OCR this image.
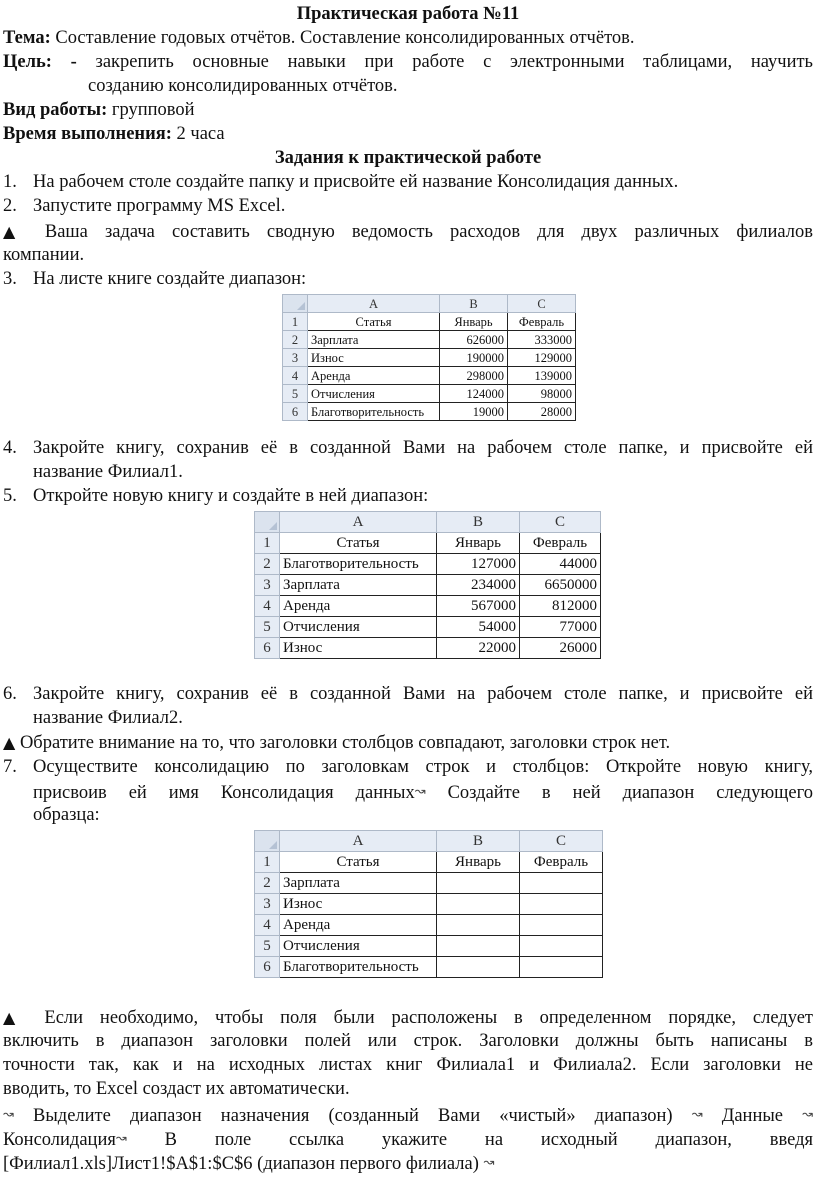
Практическая работа №11
Тема: Составление годовых отчётов. Составление консолидированных отчётов.
Цель: - закрепить основные навыки при работе с электронными таблицами, научить
созданию консолидированных отчётов.
Вид работы: групповой
Время выполнения: 2 часа
Задания к практической работе
1. На рабочем столе создайте папку и присвойте ей название Консолидация данных.
2. Запустите программу MS Excel.
▲ Ваша задача составить сводную ведомость расходов для двух различных филиалов
компании.
3. На листе книге создайте диапазон:
	A	B	C
1	Статья	Январь	Февраль
2	Зарплата	626000	333000
3	Износ	190000	129000
4	Аренда	298000	139000
5	Отчисления	124000	98000
6	Благотворительность	19000	28000
4. Закройте книгу, сохранив её в созданной Вами на рабочем столе папке, и присвойте ей
название Филиал1.
5. Откройте новую книгу и создайте в ней диапазон:
	A	B	C
1	Статья	Январь	Февраль
2	Благотворительность	127000	44000
3	Зарплата	234000	6650000
4	Аренда	567000	812000
5	Отчисления	54000	77000
6	Износ	22000	26000
6. Закройте книгу, сохранив её в созданной Вами на рабочем столе папке, и присвойте ей
название Филиал2.
▲ Обратите внимание на то, что заголовки столбцов совпадают, заголовки строк нет.
7. Осуществите консолидацию по заголовкам строк и столбцов: Откройте новую книгу,
присвоив ей имя Консолидация данных↝ Создайте в ней диапазон следующего
образца:
	A	B	C
1	Статья	Январь	Февраль
2	Зарплата		
3	Износ		
4	Аренда		
5	Отчисления		
6	Благотворительность		
▲ Если необходимо, чтобы поля были расположены в определенном порядке, следует
включить в диапазон заголовки полей или строк. Заголовки должны быть написаны в
точности так, как и на исходных листах книг Филиала1 и Филиала2. Если заголовки не
вводить, то Excel создаст их автоматически.
↝ Выделите диапазон назначения (созданный Вами «чистый» диапазон) ↝ Данные ↝
Консолидация↝ В поле ссылка укажите на исходный диапазон, введя
[Филиал1.xls]Лист1!$A$1:$C$6 (диапазон первого филиала) ↝
